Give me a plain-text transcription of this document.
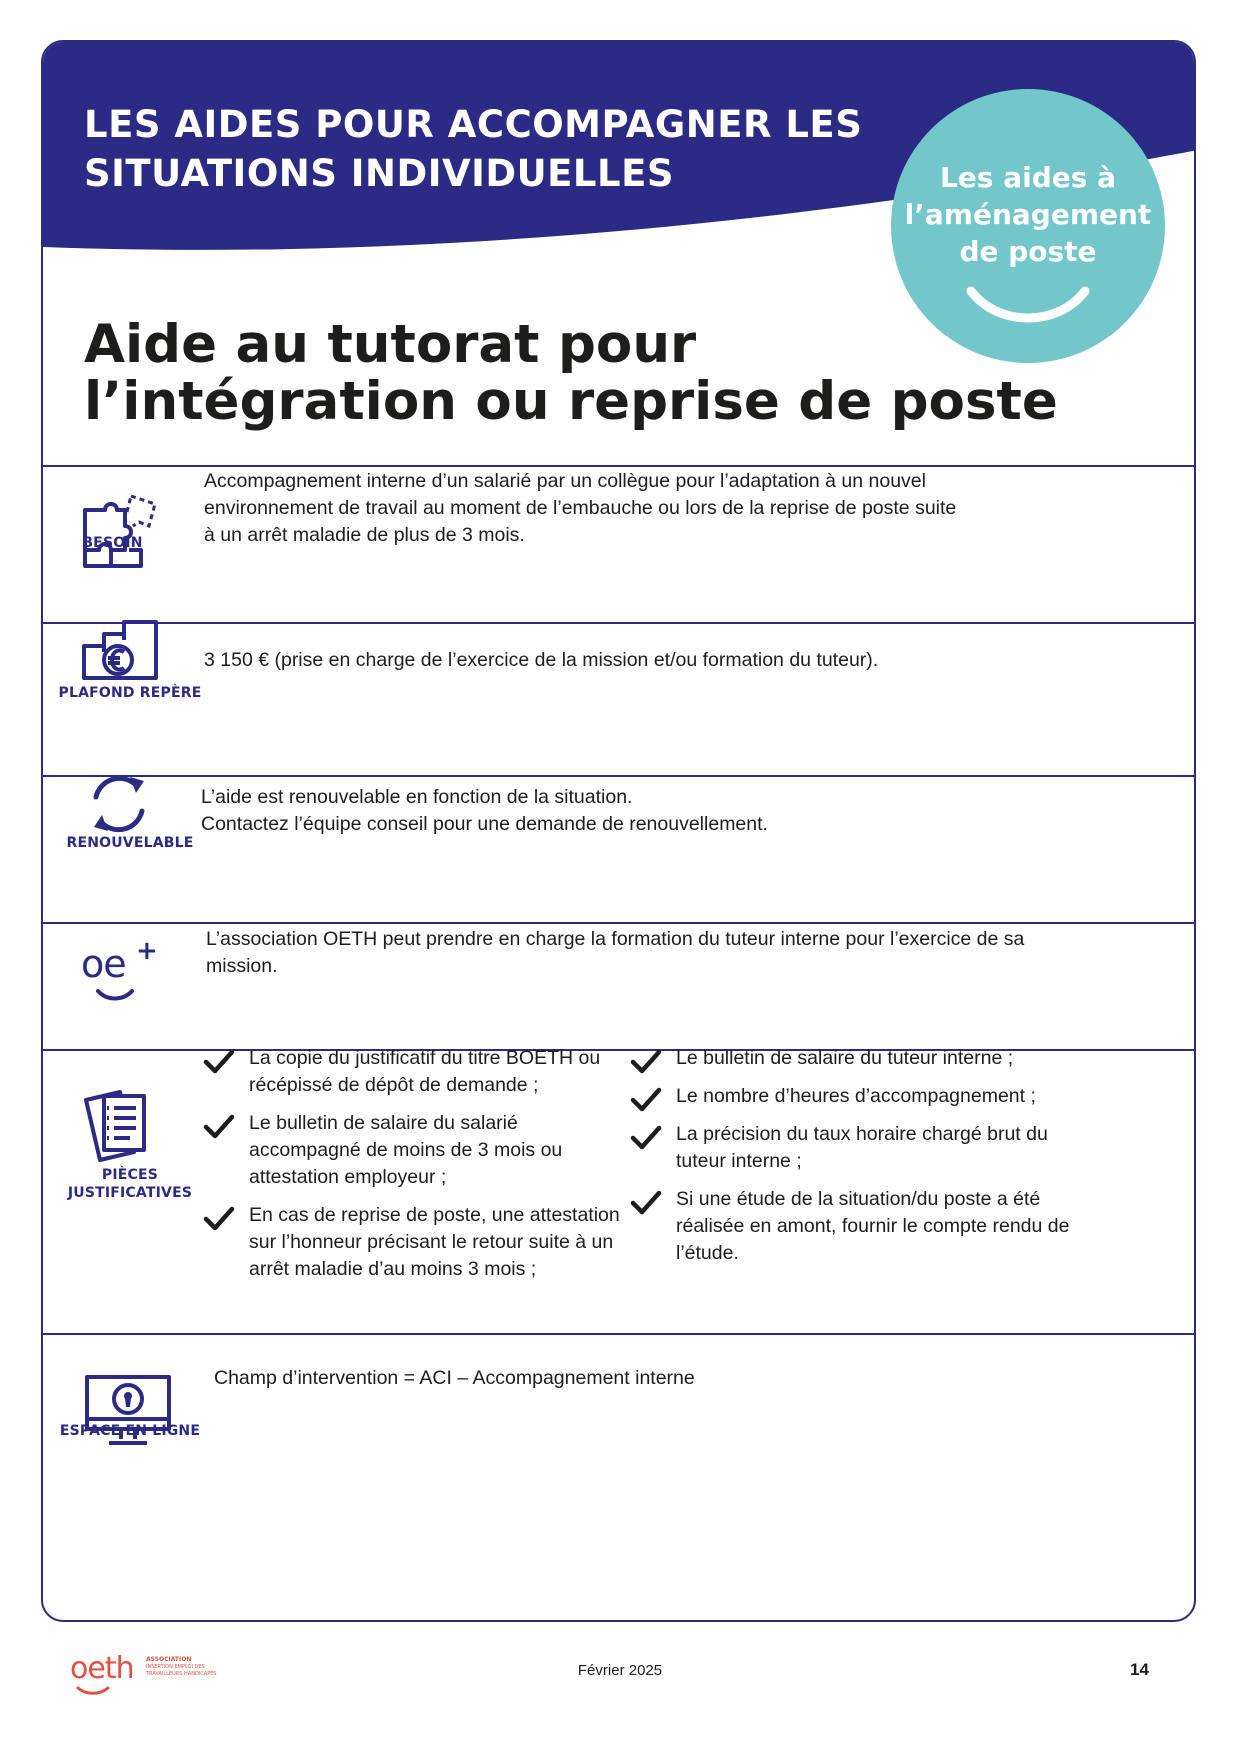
LES AIDES POUR ACCOMPAGNER LES
SITUATIONS INDIVIDUELLES	Les aides à
l’aménagement
de poste
Aide au tutorat pour
l’intégration ou reprise de poste
BESOIN

Accompagnement interne d’un salarié par un collègue pour l’adaptation à un nouvel environnement de travail au moment de l’embauche ou lors de la reprise de poste suite à un arrêt maladie de plus de 3 mois.

PLAFOND REPÈRE

3 150 € (prise en charge de l’exercice de la mission et/ou formation du tuteur).

RENOUVELABLE

L’aide est renouvelable en fonction de la situation.
Contactez l’équipe conseil pour une demande de renouvellement.

oe + L’association OETH peut prendre en charge la formation du tuteur interne pour l’exercice de sa mission.

PIÈCES
JUSTIFICATIVES
La copie du justificatif du titre BOETH ou récépissé de dépôt de demande ;
Le bulletin de salaire du salarié accompagné de moins de 3 mois ou attestation employeur ;
En cas de reprise de poste, une attestation sur l’honneur précisant le retour suite à un arrêt maladie d’au moins 3 mois ;
Le bulletin de salaire du tuteur interne ;
Le nombre d’heures d’accompagnement ;
La précision du taux horaire chargé brut du tuteur interne ;
Si une étude de la situation/du poste a été réalisée en amont, fournir le compte rendu de l’étude.
ESPACE EN LIGNE

Champ d’intervention = ACI – Accompagnement interne

oeth ASSOCIATION
INSERTION EMPLOI DES
TRAVAILLEURS HANDICAPÉS	Février 2025	14
